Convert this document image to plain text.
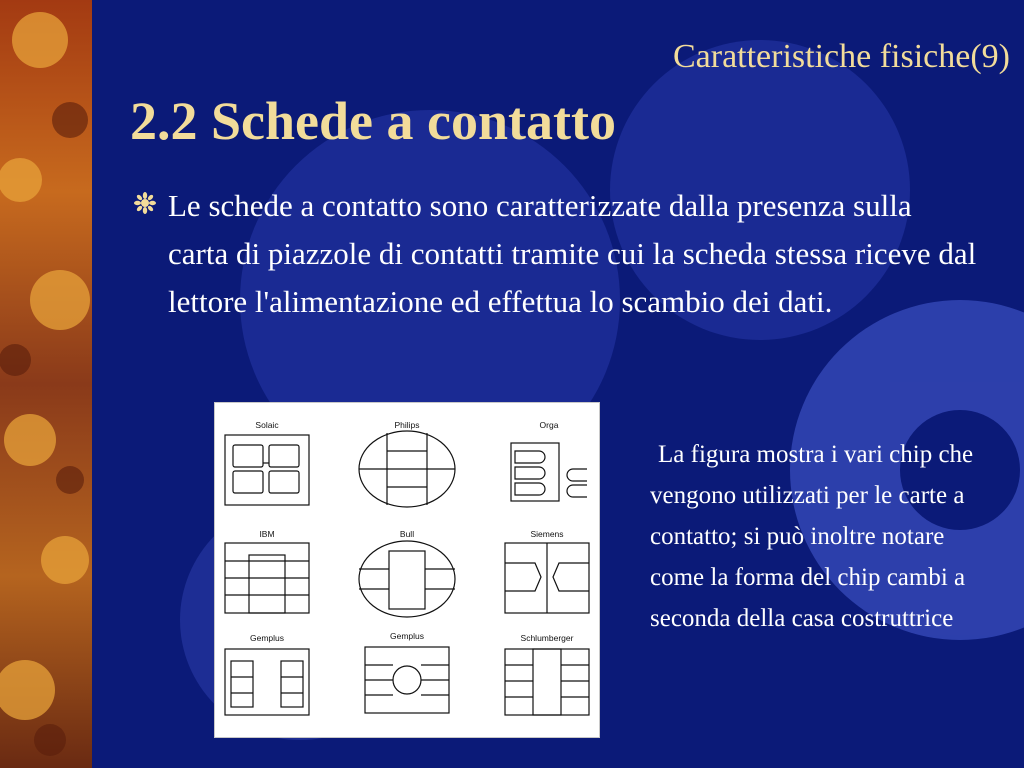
Caratteristiche fisiche(9)
2.2 Schede a contatto
Le schede a contatto sono caratterizzate dalla presenza sulla carta di piazzole di contatti tramite cui la scheda stessa riceve dal lettore l'alimentazione ed effettua lo scambio dei dati.
Solaic	Philips	Orga
IBM	Bull	Siemens
Gemplus	Gemplus	Schlumberger
La figura mostra i vari chip che vengono utilizzati per le carte a contatto; si può inoltre notare come la forma del chip cambi a seconda della casa costruttrice
